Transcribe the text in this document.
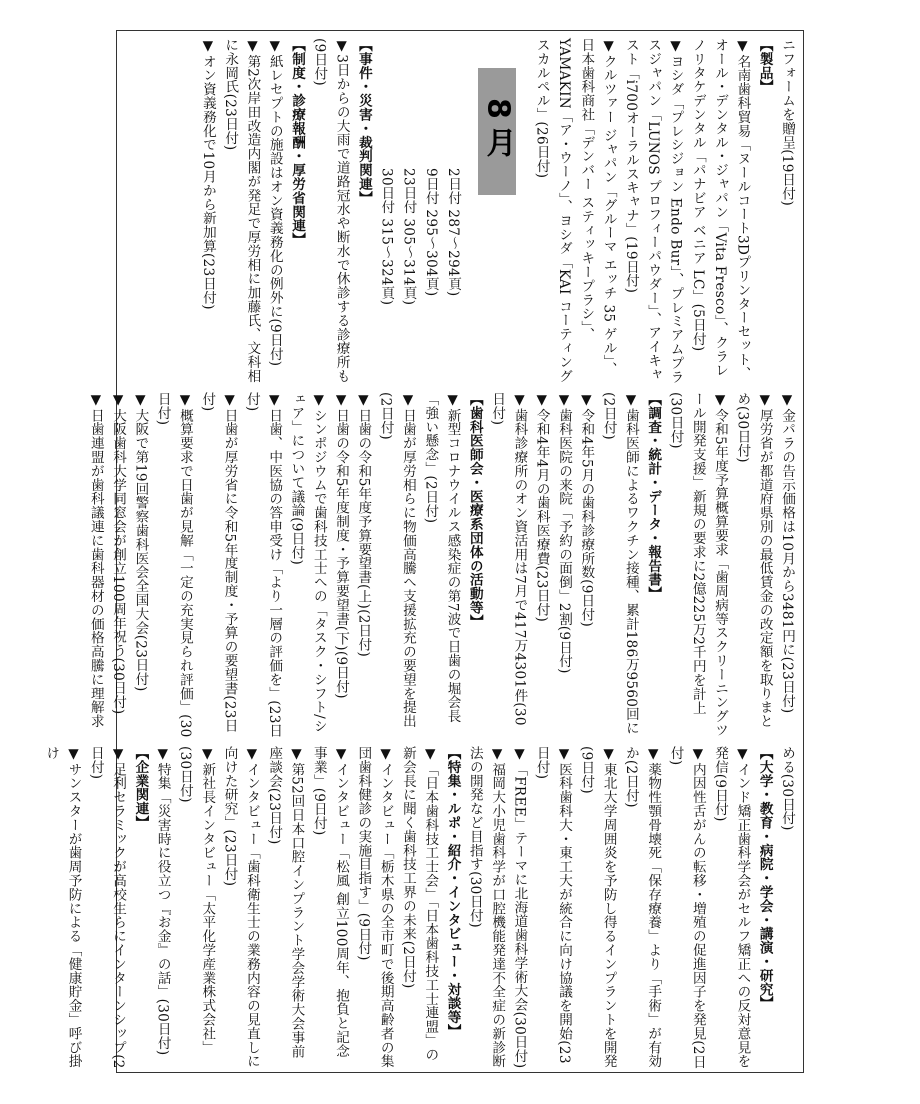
ニフォームを贈呈(19日付)
【製品】
▼名南歯科貿易「ヌールコート3Dプリンターセット、オール・デンタル・ジャパン「Vita Fresco」、クラレノリタケデンタル「パナビア ベニア LC」(5日付)
▼ヨシダ「プレシジョン Endo Bur」、プレミアムプラスジャパン「LUNOS プロフィーパウダー」、アイキャスト「i700オーラルスキャナ」(19日付)
▼クルツァー ジャパン「グルーマ エッチ 35 ゲル」、日本歯科商社「デンバー スティッキープラシ」、YAMAKIN「ア・ウーノ」、ヨシダ「KAI コーティングスカルペル」(26日付)
8月
2日付 287〜294頁)
9日付 295〜304頁)
23日付 305〜314頁)
30日付 315〜324頁)
【事件・災害・裁判関連】
▼3日からの大雨で道路冠水や断水で休診する診療所も(9日付)
【制度・診療報酬・厚労省関連】
▼紙レセプトの施設はオン資義務化の例外に(9日付)
▼第2次岸田改造内閣が発足で厚労相に加藤氏、文科相に永岡氏(23日付)
▼オン資義務化で10月から新加算(23日付)
▼金パラの告示価格は10月から3481円に(23日付)
▼厚労省が都道府県別の最低賃金の改定額を取りまとめ(30日付)
▼令和5年度予算概算要求「歯周病等スクリーニングツール開発支援」新規の要求に2億225万2千円を計上(30日付)
【調査・統計・データ・報告書】
▼歯科医師によるワクチン接種、累計186万9560回に(2日付)
▼令和4年5月の歯科診療所数(9日付)
▼歯科医院の来院「予約の面倒」2割(9日付)
▼令和4年4月の歯科医療費(23日付)
▼歯科診療所のオン資活用は7月で417万4301件(30日付)
【歯科医師会・医療系団体の活動等】
▼新型コロナウイルス感染症の第7波で日歯の堀会長「強い懸念」(2日付)
▼日歯が厚労相らに物価高騰へ支援拡充の要望を提出(2日付)
▼日歯の令和5年度予算要望書(上)(2日付)
▼日歯の令和5年度制度・予算要望書(下)(9日付)
▼シンポジウムで歯科技工士への「タスク・シフト/シェア」について議論(9日付)
▼日歯、中医協の答申受け「より一層の評価を」(23日付)
▼日歯が厚労省に令和5年度制度・予算の要望書(23日付)
▼概算要求で日歯が見解「一定の充実見られ評価」(30日付)
▼大阪で第19回警察歯科医会全国大会(23日付)
▼大阪歯科大学同窓会が創立100周年祝う(30日付)
▼日歯連盟が歯科議連に歯科器材の価格高騰に理解求
める(30日付)
【大学・教育・病院・学会・講演・研究】
▼インド矯正歯科学会がセルフ矯正への反対意見を発信(9日付)
▼内因性舌がんの転移・増殖の促進因子を発見(2日付)
▼薬物性顎骨壊死「保存療養」より「手術」が有効か(2日付)
▼東北大学周囲炎を予防し得るインプラントを開発(9日付)
▼医科歯科大・東工大が統合に向け協議を開始(23日付)
▼「FREE」テーマに北海道歯科学術大会(30日付)
▼福岡大小児歯科学が口腔機能発達不全症の新診断法の開発など目指す(30日付)
【特集・ルポ・紹介・インタビュー・対談等】
▼「日本歯科技工士会」「日本歯科技工士連盟」の新会長に聞く歯科技工界の未来(2日付)
▼インタビュー「栃木県の全市町で後期高齢者の集団歯科健診の実施目指す」(9日付)
▼インタビュー「松風 創立100周年、抱負と記念事業」(9日付)
▼第52回日本口腔インプラント学会学術大会事前座談会(23日付)
▼インタビュー「歯科衛生士の業務内容の見直しに向けた研究」(23日付)
▼新社長インタビュー「太平化学産業株式会社」(30日付)
▼特集「災害時に役立つ『お金』の話」(30日付)
【企業関連】
▼足利セラミックが高校生らにインターンシップ(2日付)
▼サンスターが歯周予防による「健康貯金」呼び掛け
